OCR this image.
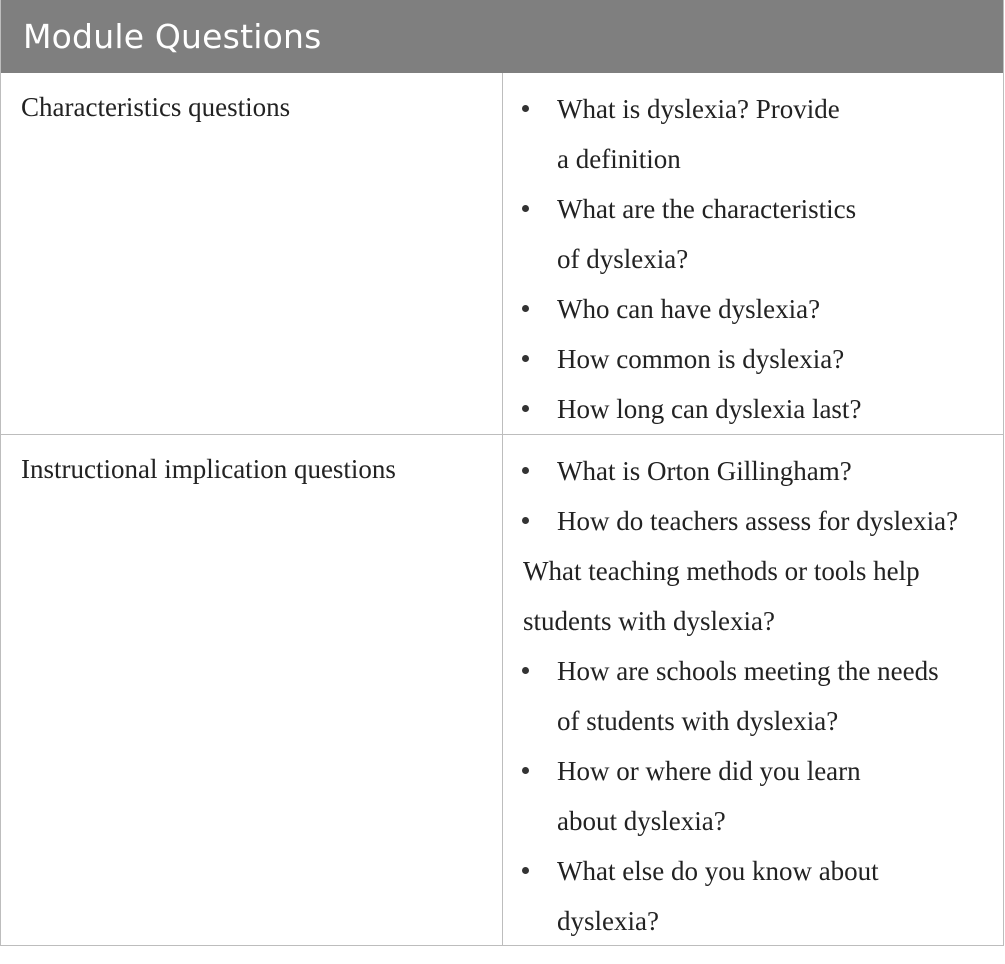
Module Questions
Characteristics questions	What is dyslexia? Provide
a definition
What are the characteristics
of dyslexia?
Who can have dyslexia?
How common is dyslexia?
How long can dyslexia last?
Instructional implication questions	What is Orton Gillingham?
How do teachers assess for dyslexia?
What teaching methods or tools help
students with dyslexia?
How are schools meeting the needs
of students with dyslexia?
How or where did you learn
about dyslexia?
What else do you know about
dyslexia?
